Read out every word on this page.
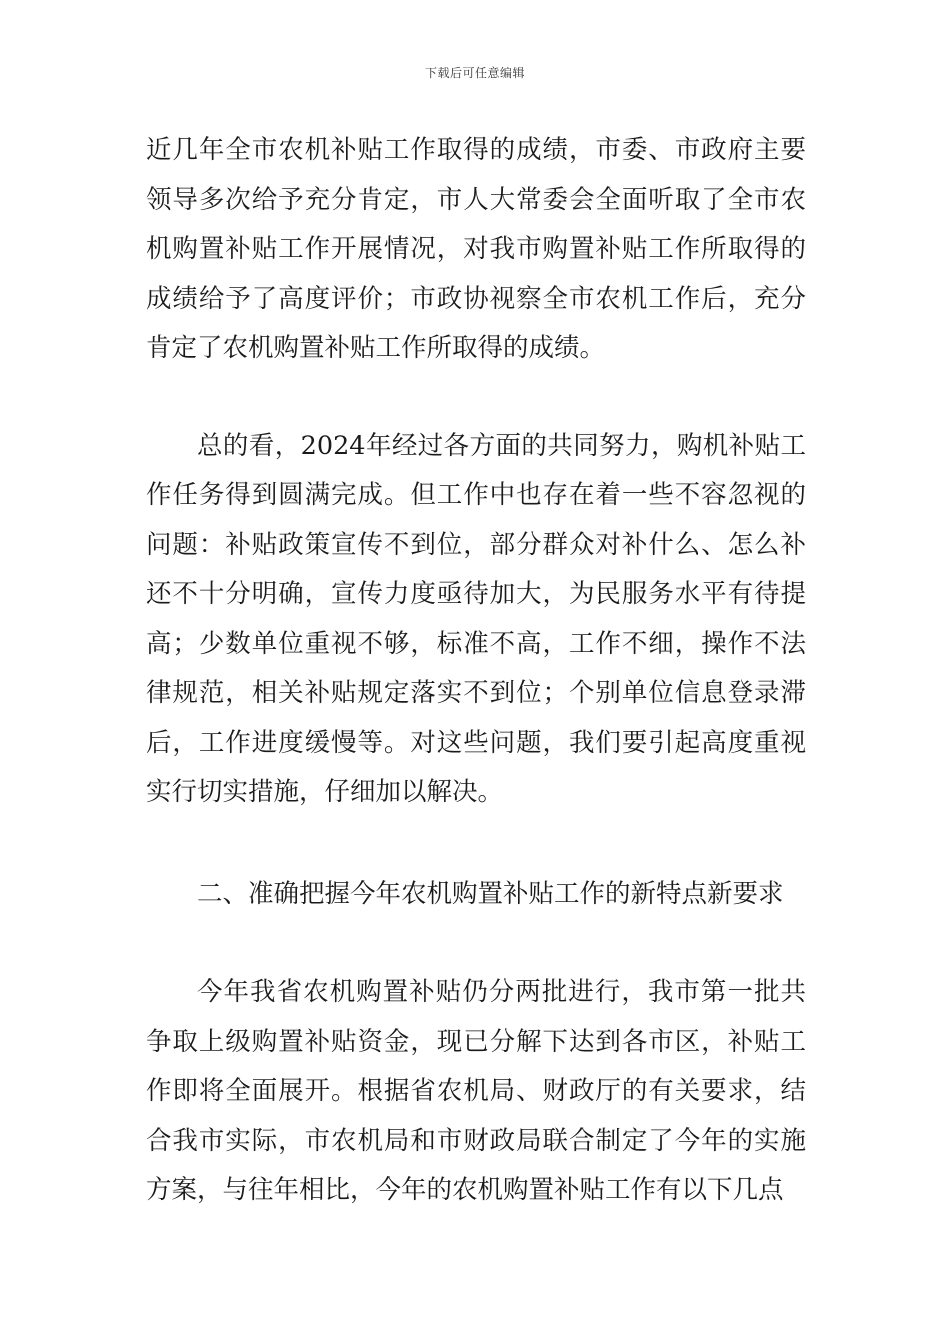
下载后可任意编辑

近几年全市农机补贴工作取得的成绩，市委、市政府主要领导多次给予充分肯定，市人大常委会全面听取了全市农机购置补贴工作开展情况，对我市购置补贴工作所取得的成绩给予了高度评价；市政协视察全市农机工作后，充分肯定了农机购置补贴工作所取得的成绩。

总的看，2024年经过各方面的共同努力，购机补贴工作任务得到圆满完成。但工作中也存在着一些不容忽视的问题：补贴政策宣传不到位，部分群众对补什么、怎么补还不十分明确，宣传力度亟待加大，为民服务水平有待提高；少数单位重视不够，标准不高，工作不细，操作不法律规范，相关补贴规定落实不到位；个别单位信息登录滞后，工作进度缓慢等。对这些问题，我们要引起高度重视实行切实措施，仔细加以解决。

二、准确把握今年农机购置补贴工作的新特点新要求

今年我省农机购置补贴仍分两批进行，我市第一批共争取上级购置补贴资金，现已分解下达到各市区，补贴工作即将全面展开。根据省农机局、财政厅的有关要求，结合我市实际，市农机局和市财政局联合制定了今年的实施方案，与往年相比，今年的农机购置补贴工作有以下几点
